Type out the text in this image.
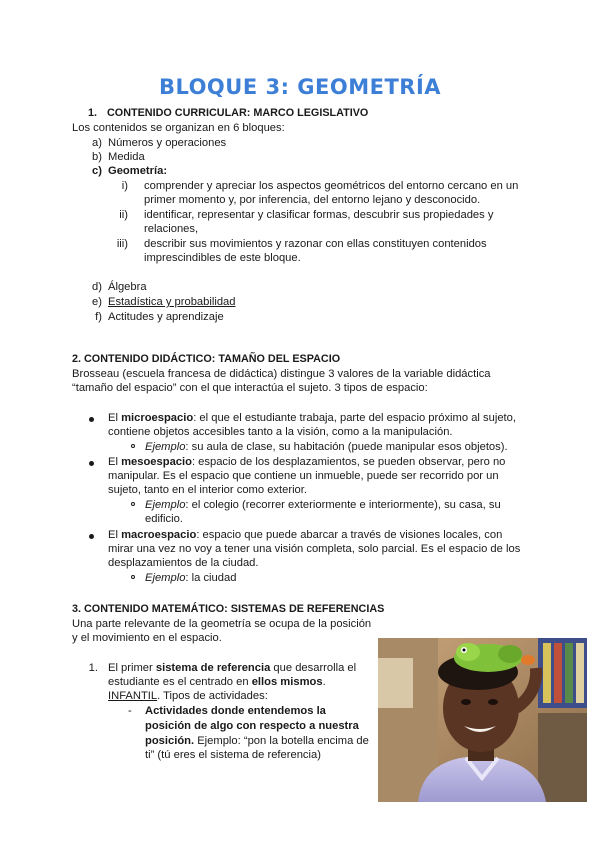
BLOQUE 3: GEOMETRÍA
1. CONTENIDO CURRICULAR: MARCO LEGISLATIVO
Los contenidos se organizan en 6 bloques:
a) Números y operaciones
b) Medida
c) Geometría:
i) comprender y apreciar los aspectos geométricos del entorno cercano en un
primer momento y, por inferencia, del entorno lejano y desconocido.
ii) identificar, representar y clasificar formas, descubrir sus propiedades y
relaciones,
iii) describir sus movimientos y razonar con ellas constituyen contenidos
imprescindibles de este bloque.
d) Álgebra
e) Estadística y probabilidad
f) Actitudes y aprendizaje
2. CONTENIDO DIDÁCTICO: TAMAÑO DEL ESPACIO
Brosseau (escuela francesa de didáctica) distingue 3 valores de la variable didáctica
“tamaño del espacio” con el que interactúa el sujeto. 3 tipos de espacio:
El microespacio: el que el estudiante trabaja, parte del espacio próximo al sujeto,
contiene objetos accesibles tanto a la visión, como a la manipulación.
Ejemplo: su aula de clase, su habitación (puede manipular esos objetos).
El mesoespacio: espacio de los desplazamientos, se pueden observar, pero no
manipular. Es el espacio que contiene un inmueble, puede ser recorrido por un
sujeto, tanto en el interior como exterior.
Ejemplo: el colegio (recorrer exteriormente e interiormente), su casa, su
edificio.
El macroespacio: espacio que puede abarcar a través de visiones locales, con
mirar una vez no voy a tener una visión completa, solo parcial. Es el espacio de los
desplazamientos de la ciudad.
Ejemplo: la ciudad
3. CONTENIDO MATEMÁTICO: SISTEMAS DE REFERENCIAS
Una parte relevante de la geometría se ocupa de la posición
y el movimiento en el espacio.
1. El primer sistema de referencia que desarrolla el
estudiante es el centrado en ellos mismos.
INFANTIL. Tipos de actividades:
- Actividades donde entendemos la
posición de algo con respecto a nuestra
posición. Ejemplo: “pon la botella encima de
ti” (tú eres el sistema de referencia)
